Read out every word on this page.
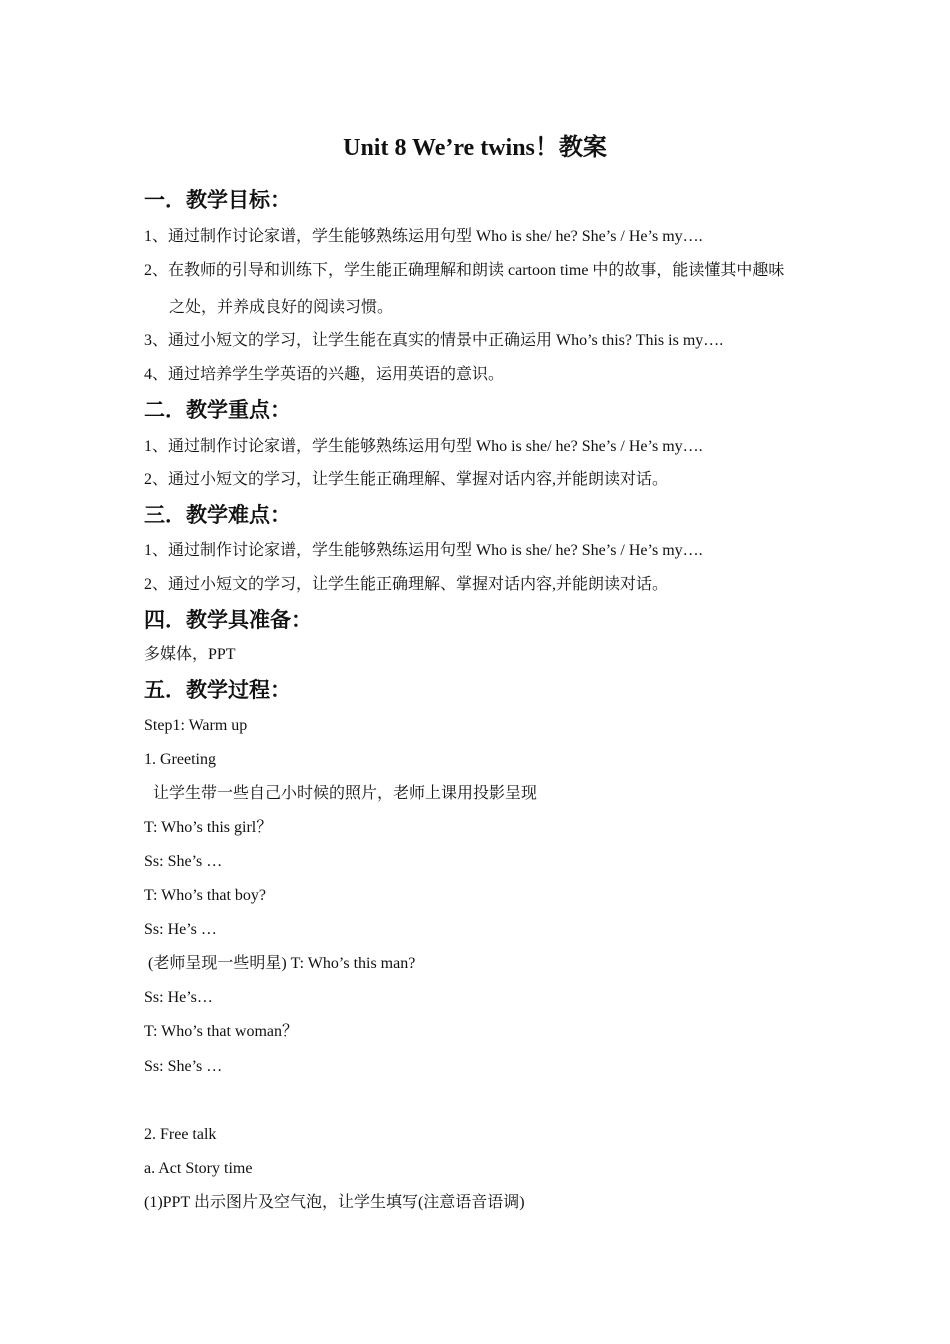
Unit 8 We’re twins！教案
一．教学目标：
1、通过制作讨论家谱，学生能够熟练运用句型 Who is she/ he? She’s / He’s my….
2、在教师的引导和训练下，学生能正确理解和朗读 cartoon time 中的故事，能读懂其中趣味
之处，并养成良好的阅读习惯。
3、通过小短文的学习，让学生能在真实的情景中正确运用 Who’s this? This is my….
4、通过培养学生学英语的兴趣，运用英语的意识。
二．教学重点：
1、通过制作讨论家谱，学生能够熟练运用句型 Who is she/ he? She’s / He’s my….
2、通过小短文的学习，让学生能正确理解、掌握对话内容,并能朗读对话。
三．教学难点：
1、通过制作讨论家谱，学生能够熟练运用句型 Who is she/ he? She’s / He’s my….
2、通过小短文的学习，让学生能正确理解、掌握对话内容,并能朗读对话。
四．教学具准备：
多媒体，PPT
五．教学过程：
Step1: Warm up
1. Greeting
让学生带一些自己小时候的照片，老师上课用投影呈现
T: Who’s this girl？
Ss: She’s …
T: Who’s that boy?
Ss: He’s …
(老师呈现一些明星) T: Who’s this man?
Ss: He’s…
T: Who’s that woman？
Ss: She’s …
2. Free talk
a. Act Story time
(1)PPT 出示图片及空气泡，让学生填写(注意语音语调)
